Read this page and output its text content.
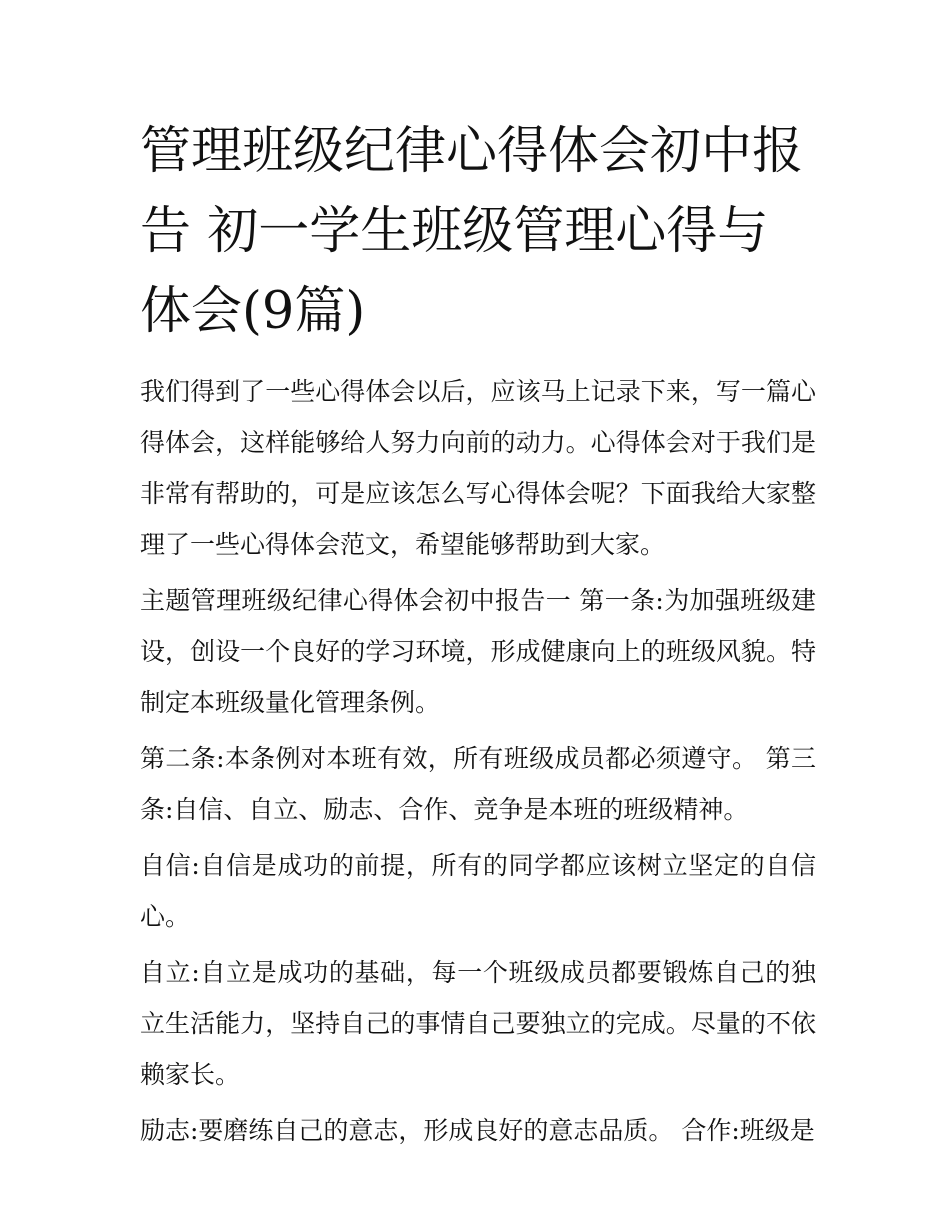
管理班级纪律心得体会初中报告 初一学生班级管理心得与体会(9篇)

我们得到了一些心得体会以后，应该马上记录下来，写一篇心得体会，这样能够给人努力向前的动力。心得体会对于我们是非常有帮助的，可是应该怎么写心得体会呢？下面我给大家整理了一些心得体会范文，希望能够帮助到大家。

主题管理班级纪律心得体会初中报告一 第一条:为加强班级建设，创设一个良好的学习环境，形成健康向上的班级风貌。特制定本班级量化管理条例。

第二条:本条例对本班有效，所有班级成员都必须遵守。 第三条:自信、自立、励志、合作、竞争是本班的班级精神。

自信:自信是成功的前提，所有的同学都应该树立坚定的自信心。

自立:自立是成功的基础，每一个班级成员都要锻炼自己的独立生活能力，坚持自己的事情自己要独立的完成。尽量的不依赖家长。

励志:要磨练自己的意志，形成良好的意志品质。 合作:班级是
